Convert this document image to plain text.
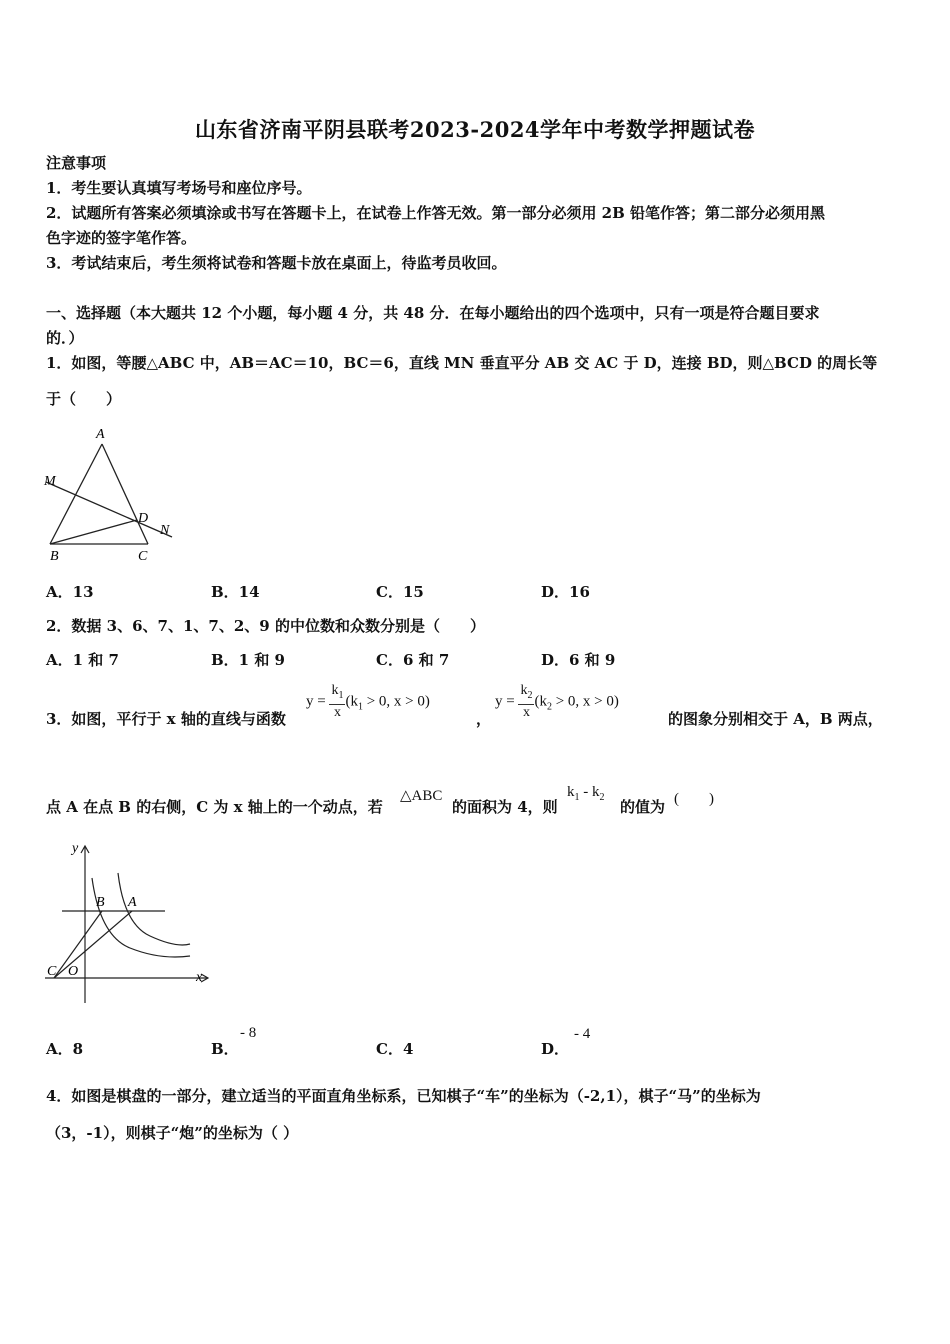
山东省济南平阴县联考2023-2024学年中考数学押题试卷
注意事项
1．考生要认真填写考场号和座位序号。
2．试题所有答案必须填涂或书写在答题卡上，在试卷上作答无效。第一部分必须用 2B 铅笔作答；第二部分必须用黑
色字迹的签字笔作答。
3．考试结束后，考生须将试卷和答题卡放在桌面上，待监考员收回。
一、选择题（本大题共 12 个小题，每小题 4 分，共 48 分．在每小题给出的四个选项中，只有一项是符合题目要求
的．）
1．如图，等腰△ABC 中，AB＝AC＝10，BC＝6，直线 MN 垂直平分 AB 交 AC 于 D，连接 BD，则△BCD 的周长等
于（　　）
A
M
D
N
B	C
A．13	B．14	C．15	D．16
2．数据 3、6、7、1、7、2、9 的中位数和众数分别是（　　）
A．1 和 7	B．1 和 9	C．6 和 7	D．6 和 9
3．如图，平行于 x 轴的直线与函数
$y = \frac{k_1}{x} (k_1 > 0$, x > 0)
，
$y = \frac{k_2}{x} (k_2 > 0$, x > 0)
的图象分别相交于 A，B 两点，
点 A 在点 B 的右侧，C 为 x 轴上的一个动点，若
△ABC
的面积为 4，则
$k_1 - k_2$
的值为 (　　)
y
x
B A
C O
A．8	B．
- 8
C．4	D．
- 4
4．如图是棋盘的一部分，建立适当的平面直角坐标系，已知棋子“车”的坐标为（-2,1），棋子“马”的坐标为
（3，-1），则棋子“炮”的坐标为（ ）
